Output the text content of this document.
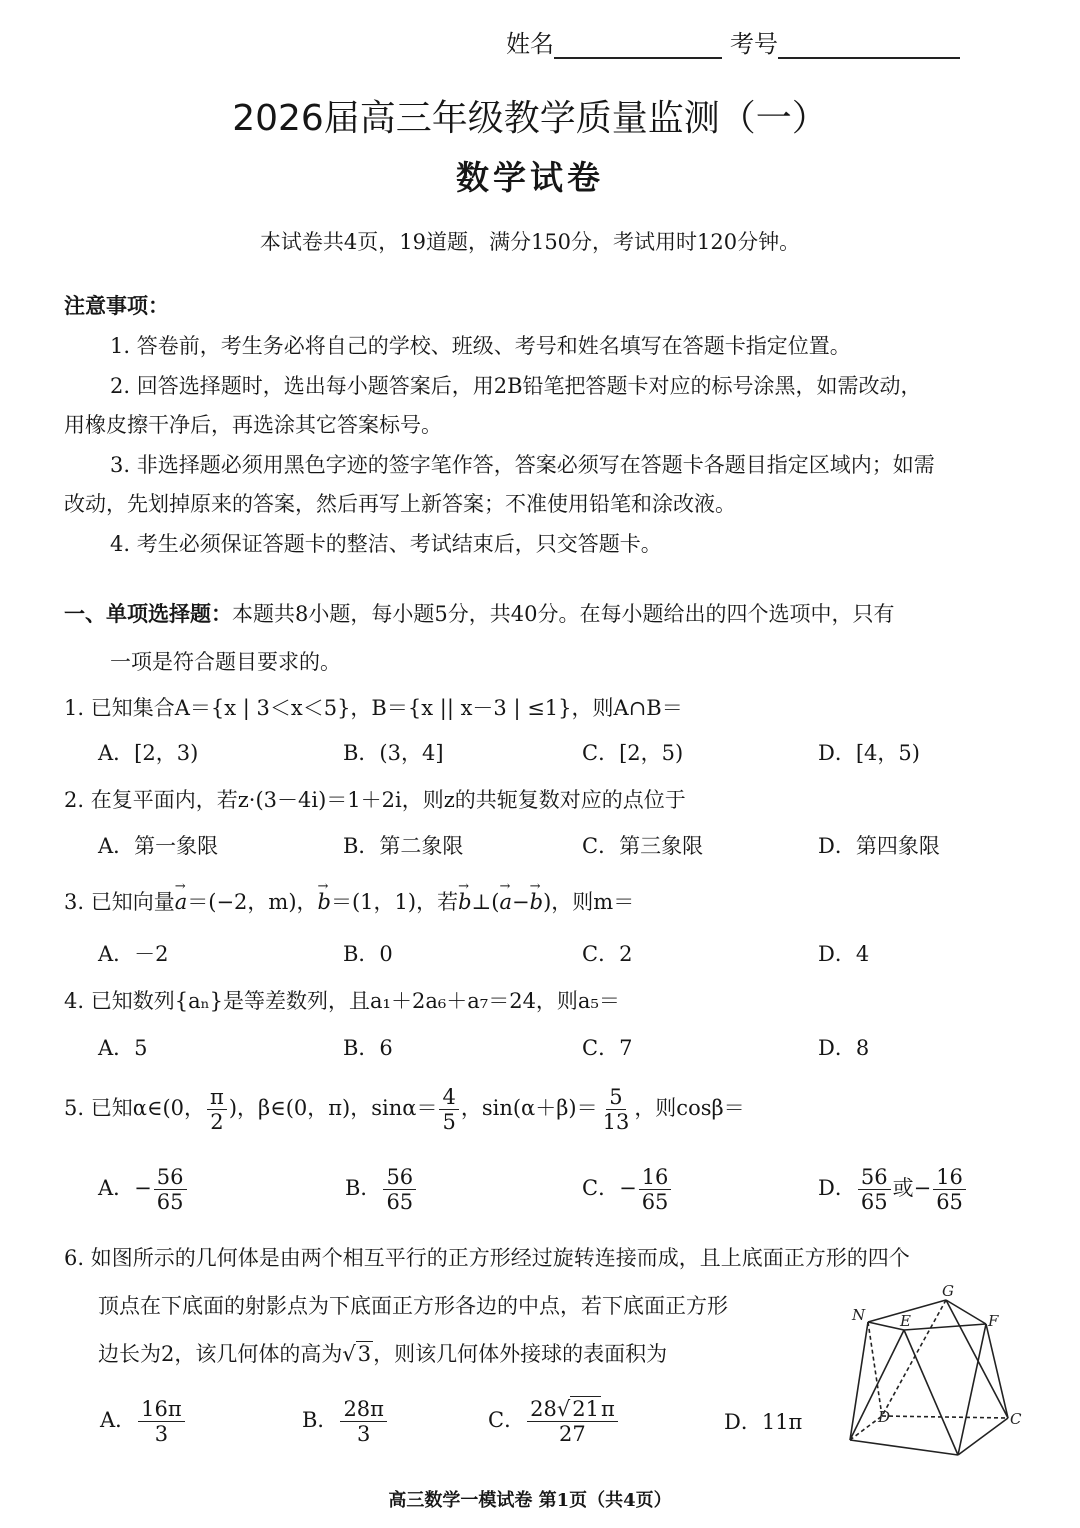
姓名	考号
2026届高三年级教学质量监测（一）
数学试卷
本试卷共4页，19道题，满分150分，考试用时120分钟。
注意事项：
1. 答卷前，考生务必将自己的学校、班级、考号和姓名填写在答题卡指定位置。
2. 回答选择题时，选出每小题答案后，用2B铅笔把答题卡对应的标号涂黑，如需改动，
用橡皮擦干净后，再选涂其它答案标号。
3. 非选择题必须用黑色字迹的签字笔作答，答案必须写在答题卡各题目指定区域内；如需
改动，先划掉原来的答案，然后再写上新答案；不准使用铅笔和涂改液。
4. 考生必须保证答题卡的整洁、考试结束后，只交答题卡。
一、单项选择题：本题共8小题，每小题5分，共40分。在每小题给出的四个选项中，只有
一项是符合题目要求的。
1. 已知集合A＝{x | 3＜x＜5}，B＝{x || x－3 | ≤1}，则A∩B＝
A．[2，3)	B．(3，4]	C．[2，5)	D．[4，5)
2. 在复平面内，若z·(3－4i)＝1＋2i，则z的共轭复数对应的点位于
A．第一象限	B．第二象限	C．第三象限	D．第四象限
3. 已知向量→ a＝(−2，m)，→ b＝(1，1)，若→ b⊥(→ a−→ b)，则m＝
A．－2	B．0	C．2	D．4
4. 已知数列{aₙ}是等差数列，且a₁＋2a₆＋a₇＝24，则a₅＝
A．5	B．6	C．7	D．8
5. 已知α∈(0， $\frac{\pi}{2}$ )，β∈(0，π)，$\sin\alpha= \frac{4}{5}$ ，$\sin(\alpha+\beta)= \frac{5}{13}$ ，则cosβ＝
A．− $\frac{56}{65}$	B． $\frac{56}{65}$	C．− $\frac{16}{65}$	D． $\frac{56}{65}$ 或− $\frac{16}{65}$
6. 如图所示的几何体是由两个相互平行的正方形经过旋转连接而成，且上底面正方形的四个
顶点在下底面的射影点为下底面正方形各边的中点，若下底面正方形
边长为2，该几何体的高为√3，则该几何体外接球的表面积为
A． $\frac{16\pi}{3}$	B． $\frac{28\pi}{3}$	C． $\frac{28√21\pi}{27}$	D．11π
N
G
E	F
D	C
高三数学一模试卷 第1页（共4页）
